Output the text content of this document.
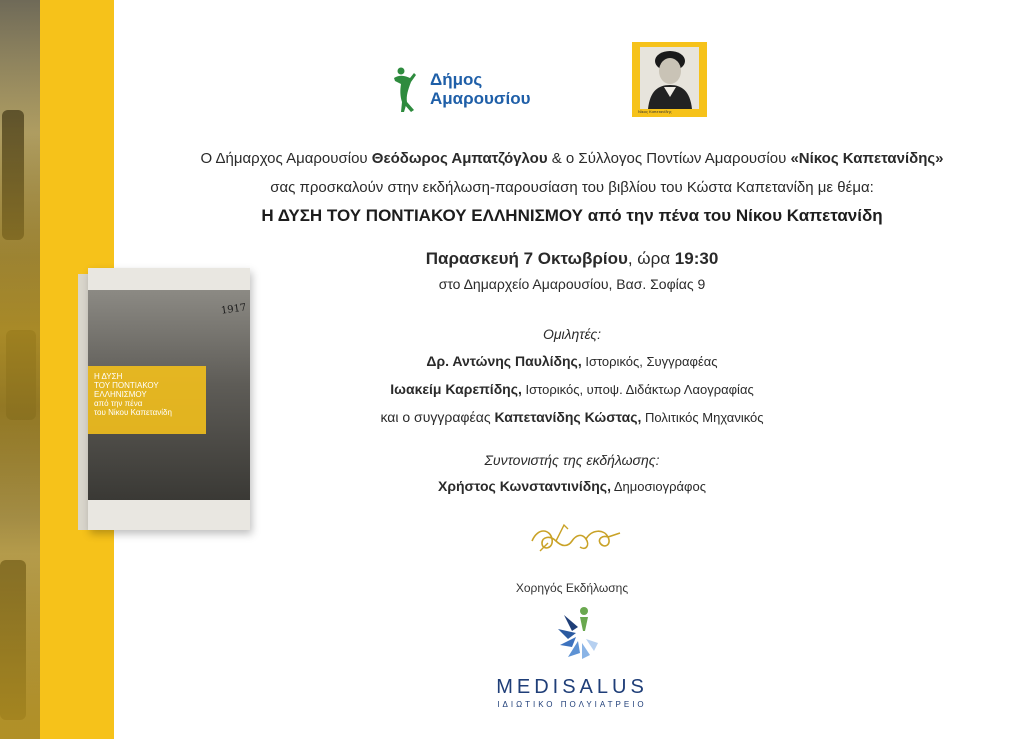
1917
Η ΔΥΣΗ
ΤΟΥ ΠΟΝΤΙΑΚΟΥ
ΕΛΛΗΝΙΣΜΟΥ
από την πένα
του Νίκου Καπετανίδη
Δήμος
Αμαρουσίου
Νίκος Καπετανίδης
Ο Δήμαρχος Αμαρουσίου Θεόδωρος Αμπατζόγλου & ο Σύλλογος Ποντίων Αμαρουσίου «Νίκος Καπετανίδης»
σας προσκαλούν στην εκδήλωση-παρουσίαση του βιβλίου του Κώστα Καπετανίδη με θέμα:
Η ΔΥΣΗ ΤΟΥ ΠΟΝΤΙΑΚΟΥ ΕΛΛΗΝΙΣΜΟΥ από την πένα του Νίκου Καπετανίδη
Παρασκευή 7 Οκτωβρίου, ώρα 19:30
στο Δημαρχείο Αμαρουσίου, Βασ. Σοφίας 9
Ομιλητές:
Δρ. Αντώνης Παυλίδης, Ιστορικός, Συγγραφέας
Ιωακείμ Καρεπίδης, Ιστορικός, υποψ. Διδάκτωρ Λαογραφίας
και ο συγγραφέας Καπετανίδης Κώστας, Πολιτικός Μηχανικός
Συντονιστής της εκδήλωσης:
Χρήστος Κωνσταντινίδης, Δημοσιογράφος
Χορηγός Εκδήλωσης
MEDISALUS
ΙΔΙΩΤΙΚΟ ΠΟΛΥΙΑΤΡΕΙΟ
